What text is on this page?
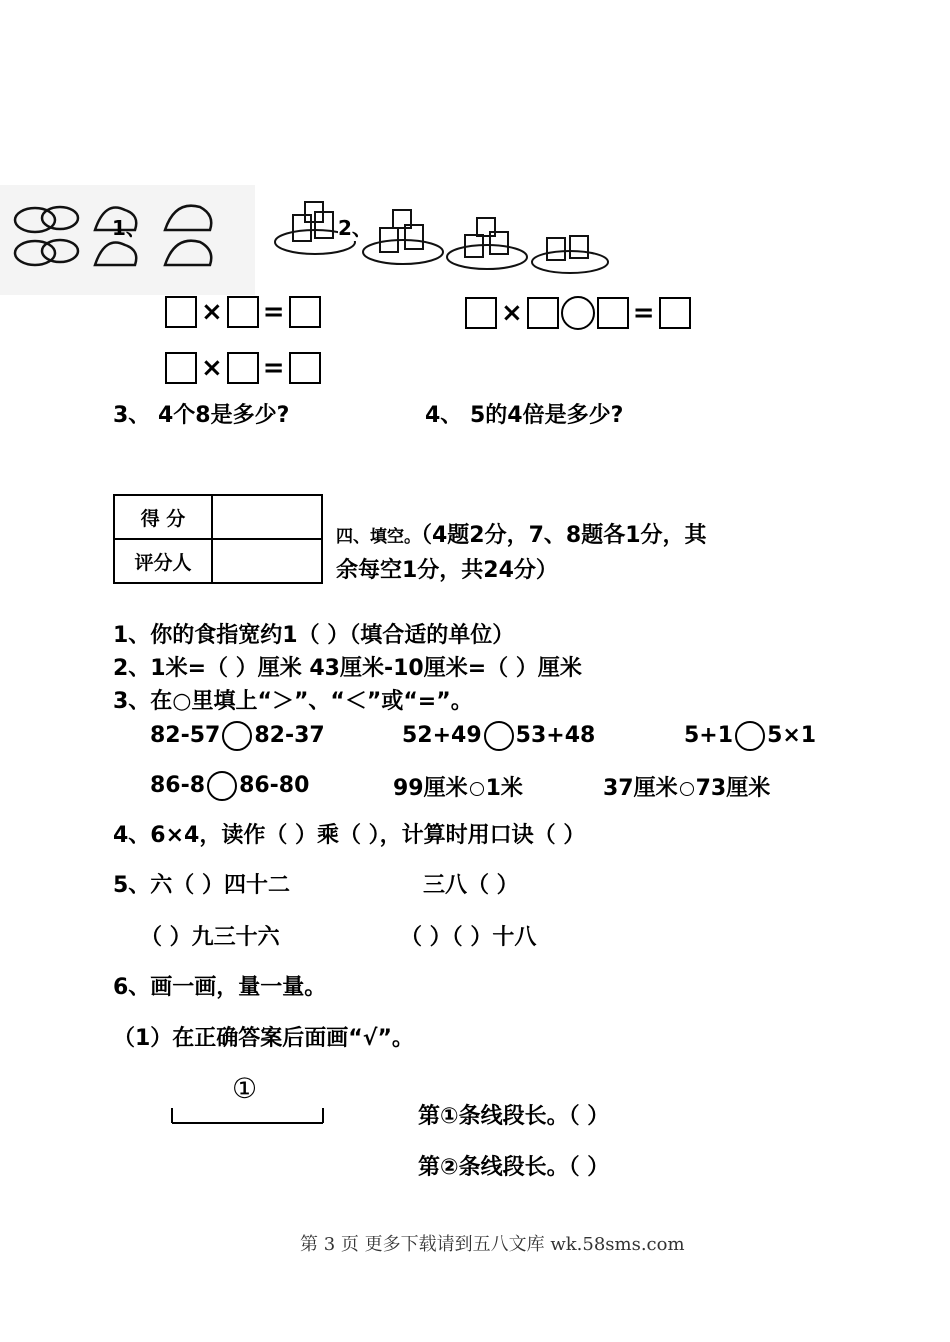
1、	2、
× =	×	=
× =
3、 4个8是多少?	4、 5的4倍是多少?
得 分	
评分人	
四、填空。（4题2分，7、8题各1分，其
余每空1分，共24分）
1、你的食指宽约1（ ）（填合适的单位）
2、1米=（ ）厘米 43厘米-10厘米=（ ）厘米
3、在○里填上“＞”、“＜”或“=”。
82-57 82-37	52+49 53+48	5+1 5×1
86-8 86-80	99厘米 1米	37厘米 73厘米
4、6×4，读作（ ）乘（ ），计算时用口诀（ ）
5、六（ ）四十二	三八（ ）
（ ）九三十六	（ ）（ ）十八
6、画一画，量一量。
（1）在正确答案后面画“√”。
①
第①条线段长。（ ）
第②条线段长。（ ）
第 3 页 更多下载请到五八文库 wk.58sms.com
